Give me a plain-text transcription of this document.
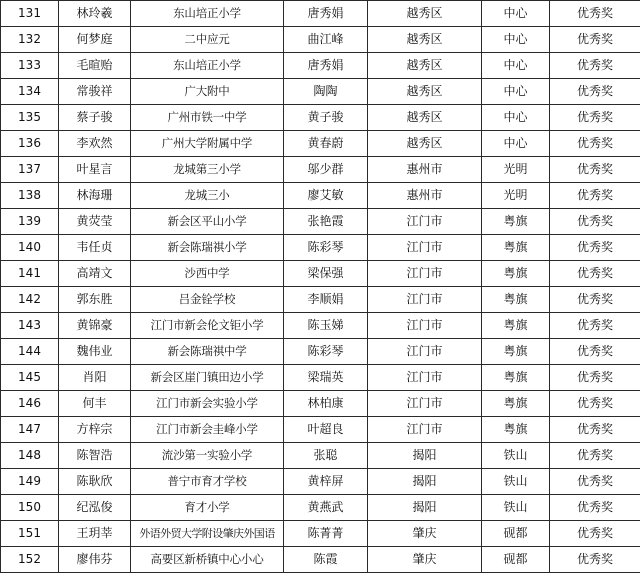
131	林玲羲	东山培正小学	唐秀娟	越秀区	中心	优秀奖
132	何梦庭	二中应元	曲江峰	越秀区	中心	优秀奖
133	毛暄贻	东山培正小学	唐秀娟	越秀区	中心	优秀奖
134	常骏祥	广大附中	陶陶	越秀区	中心	优秀奖
135	蔡子骏	广州市铁一中学	黄子骏	越秀区	中心	优秀奖
136	李欢然	广州大学附属中学	黄春蔚	越秀区	中心	优秀奖
137	叶星言	龙城第三小学	邬少群	惠州市	光明	优秀奖
138	林海珊	龙城三小	廖艾敏	惠州市	光明	优秀奖
139	黄荧莹	新会区平山小学	张艳霞	江门市	粤旗	优秀奖
140	韦任贞	新会陈瑞祺小学	陈彩琴	江门市	粤旗	优秀奖
141	高靖文	沙西中学	梁保强	江门市	粤旗	优秀奖
142	郭东胜	吕金铨学校	李顺娟	江门市	粤旗	优秀奖
143	黄锦豪	江门市新会伦文钜小学	陈玉娣	江门市	粤旗	优秀奖
144	魏伟业	新会陈瑞祺中学	陈彩琴	江门市	粤旗	优秀奖
145	肖阳	新会区崖门镇田边小学	梁瑞英	江门市	粤旗	优秀奖
146	何丰	江门市新会实验小学	林柏康	江门市	粤旗	优秀奖
147	方梓宗	江门市新会圭峰小学	叶超良	江门市	粤旗	优秀奖
148	陈智浩	流沙第一实验小学	张聪	揭阳	铁山	优秀奖
149	陈耿欣	普宁市育才学校	黄梓屏	揭阳	铁山	优秀奖
150	纪泓俊	育才小学	黄燕武	揭阳	铁山	优秀奖
151	王玥莘	外语外贸大学附设肇庆外国语	陈菁菁	肇庆	砚都	优秀奖
152	廖伟芬	高要区新桥镇中心小心	陈霞	肇庆	砚都	优秀奖
